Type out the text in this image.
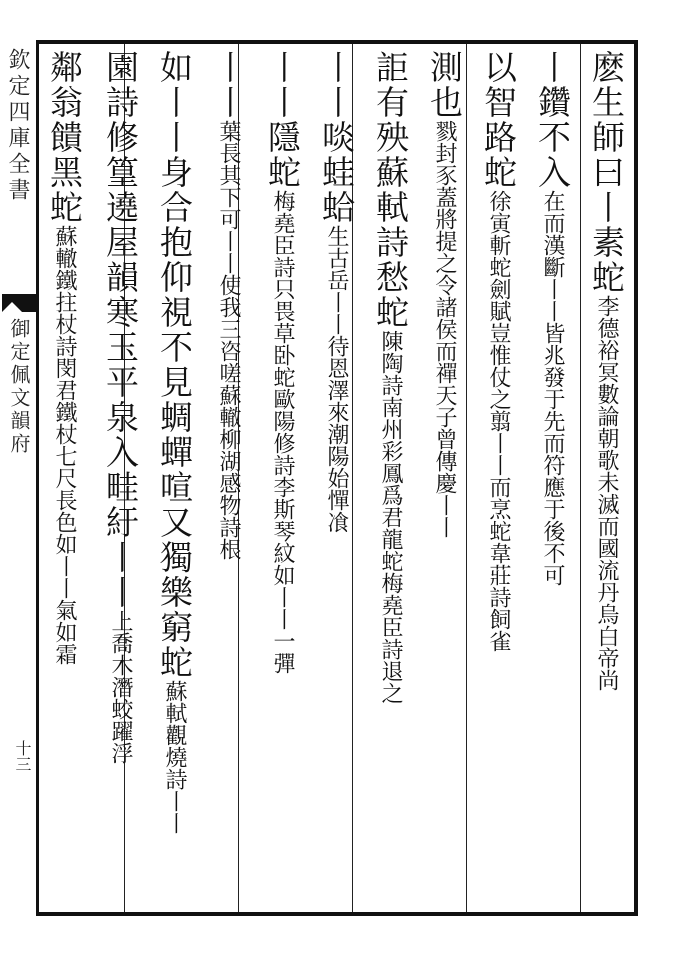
欽定四庫全書
御定佩文韻府
十三
麽生師曰丨素蛇李德裕冥數論朝歌未滅而國流丹烏白帝尚
丨鑽不入在而漢斷丨丨皆兆發于先而符應于後不可
以智路蛇徐寅斬蛇劍賦豈惟仗之翦丨丨而烹蛇韋莊詩飼雀
測也戮封豕蓋將提之令諸侯而禪天子曾傳慶丨丨
詎有殃蘇軾詩愁蛇陳陶詩南州彩鳳爲君龍蛇梅堯臣詩退之
丨丨啖蛙蛤生古岳丨丨待恩澤來潮陽始憚飡
丨丨隱蛇梅堯臣詩只畏草卧蛇歐陽修詩李斯琴紋如丨丨一彈
丨丨葉長其下可丨丨使我三咨嗟蘇轍柳湖感物詩根
如丨丨身合抱仰視不見蜩蟬喧又獨樂窮蛇蘇軾觀燒詩丨丨
園詩修篁遶屋韻寒玉平泉入畦紆丨丨上喬木潛蛟躍浮
鄰翁饋黑蛇蘇轍鐵拄杖詩閔君鐵杖七尺長色如丨丨氣如霜
